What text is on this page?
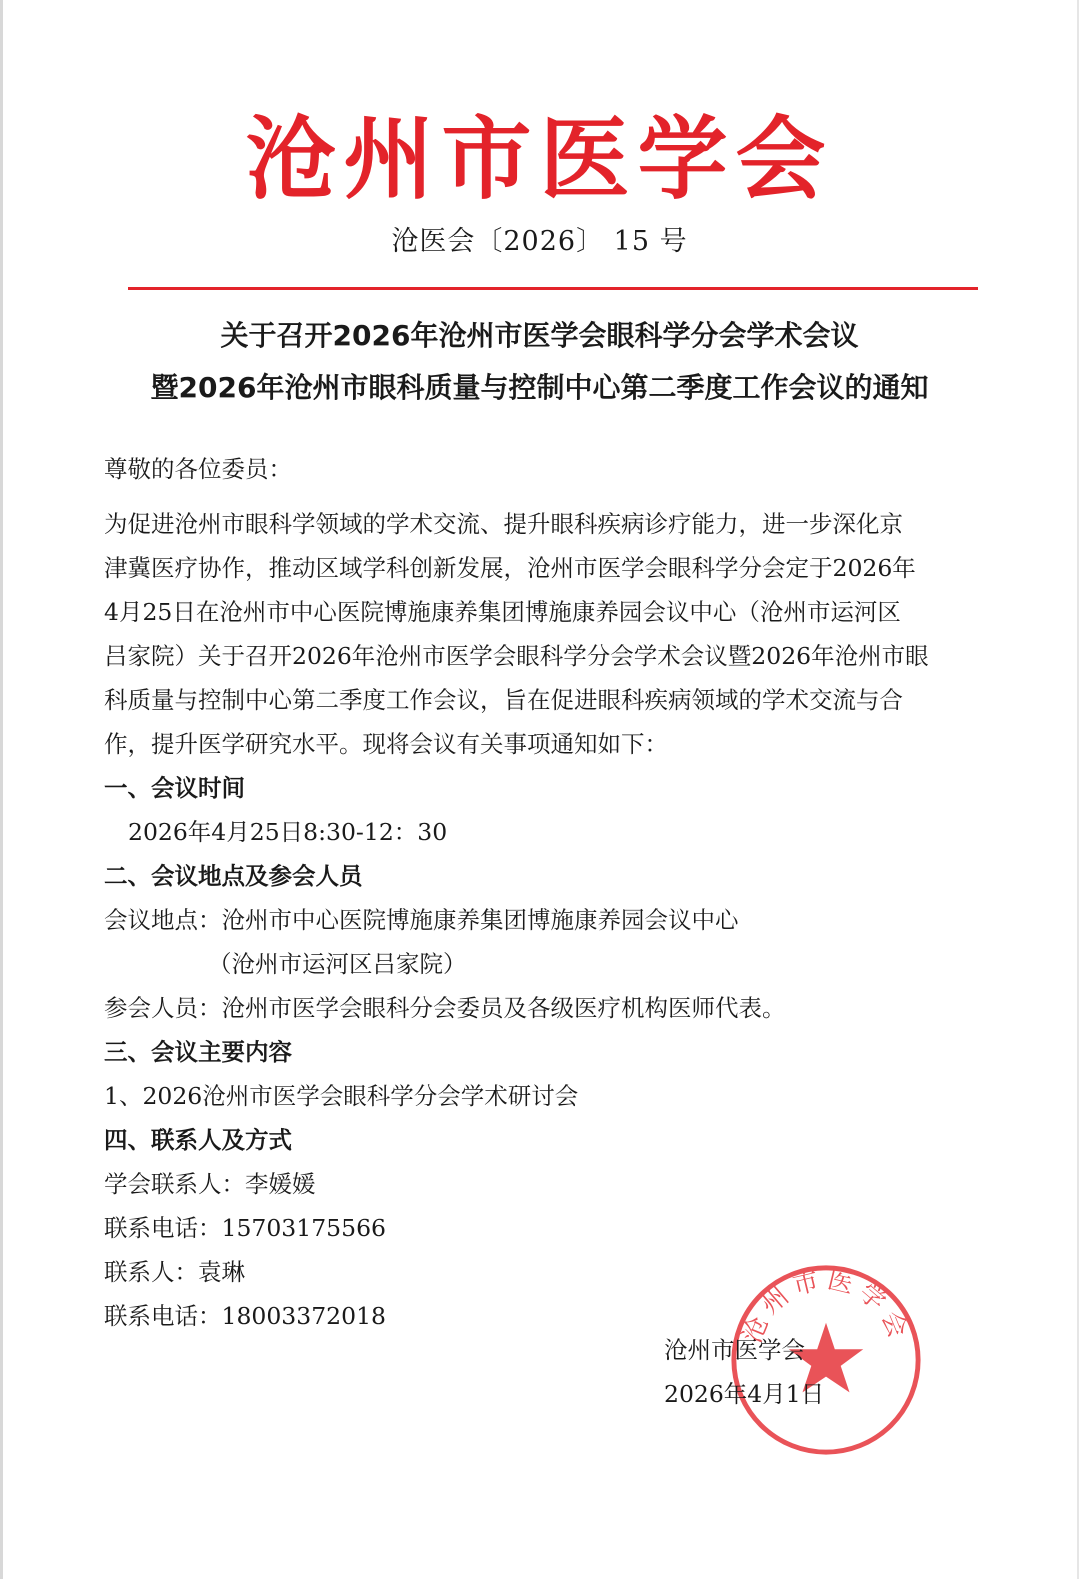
沧州市医学会
沧医会〔2026〕 15 号
关于召开2026年沧州市医学会眼科学分会学术会议
暨2026年沧州市眼科质量与控制中心第二季度工作会议的通知
尊敬的各位委员：
为促进沧州市眼科学领域的学术交流、提升眼科疾病诊疗能力，进一步深化京
津冀医疗协作，推动区域学科创新发展，沧州市医学会眼科学分会定于2026年
4月25日在沧州市中心医院博施康养集团博施康养园会议中心（沧州市运河区
吕家院）关于召开2026年沧州市医学会眼科学分会学术会议暨2026年沧州市眼
科质量与控制中心第二季度工作会议，旨在促进眼科疾病领域的学术交流与合
作，提升医学研究水平。现将会议有关事项通知如下：
一、会议时间
2026年4月25日8:30-12：30
二、会议地点及参会人员
会议地点：沧州市中心医院博施康养集团博施康养园会议中心
（沧州市运河区吕家院）
参会人员：沧州市医学会眼科分会委员及各级医疗机构医师代表。
三、会议主要内容
1、2026沧州市医学会眼科学分会学术研讨会
四、联系人及方式
学会联系人：李媛媛
联系电话：15703175566
联系人：袁琳
联系电话：18003372018	沧州市医学会
沧州市医学会
2026年4月1日
